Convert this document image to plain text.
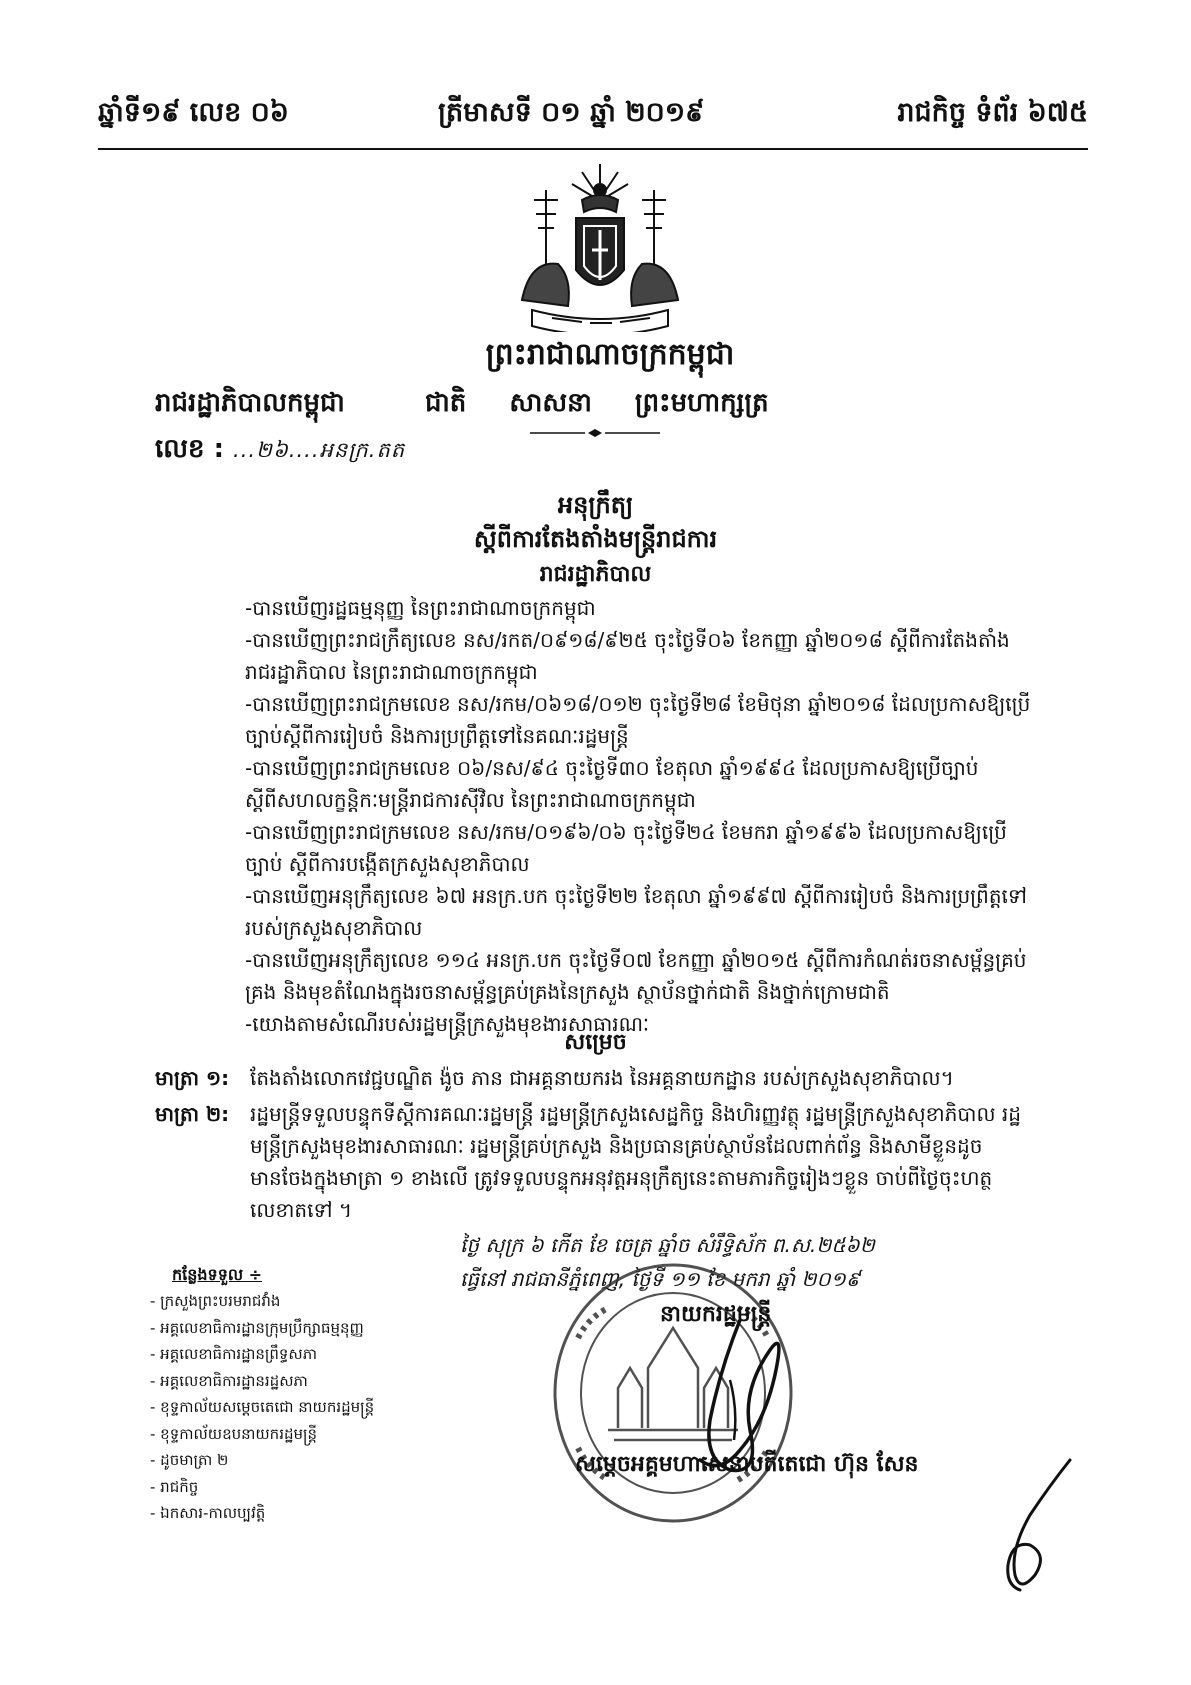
ឆ្នាំទី១៩ លេខ ០៦	ត្រីមាសទី ០១ ឆ្នាំ ២០១៩	រាជកិច្ច ទំព័រ ៦៧៥
ព្រះរាជាណាចក្រកម្ពុជា
រាជរដ្ឋាភិបាលកម្ពុជា	ជាតិ សាសនា ព្រះមហាក្សត្រ
លេខ : ...២៦....អនក្រ.តត
អនុក្រឹត្យ
ស្តីពីការតែងតាំងមន្ត្រីរាជការ
រាជរដ្ឋាភិបាល
-បានឃើញរដ្ឋធម្មនុញ្ញ នៃព្រះរាជាណាចក្រកម្ពុជា
-បានឃើញព្រះរាជក្រឹត្យលេខ នស/រកត/០៩១៨/៩២៥ ចុះថ្ងៃទី០៦ ខែកញ្ញា ឆ្នាំ២០១៨ ស្តីពីការតែងតាំងរាជរដ្ឋាភិបាល នៃព្រះរាជាណាចក្រកម្ពុជា
-បានឃើញព្រះរាជក្រមលេខ នស/រកម/០៦១៨/០១២ ចុះថ្ងៃទី២៨ ខែមិថុនា ឆ្នាំ២០១៨ ដែលប្រកាសឱ្យប្រើច្បាប់ស្តីពីការរៀបចំ និងការប្រព្រឹត្តទៅនៃគណៈរដ្ឋមន្ត្រី
-បានឃើញព្រះរាជក្រមលេខ ០៦/នស/៩៤ ចុះថ្ងៃទី៣០ ខែតុលា ឆ្នាំ១៩៩៤ ដែលប្រកាសឱ្យប្រើច្បាប់ស្តីពីសហលក្ខន្តិកៈមន្ត្រីរាជការស៊ីវិល នៃព្រះរាជាណាចក្រកម្ពុជា
-បានឃើញព្រះរាជក្រមលេខ នស/រកម/០១៩៦/០៦ ចុះថ្ងៃទី២៤ ខែមករា ឆ្នាំ១៩៩៦ ដែលប្រកាសឱ្យប្រើច្បាប់ ស្តីពីការបង្កើតក្រសួងសុខាភិបាល
-បានឃើញអនុក្រឹត្យលេខ ៦៧ អនក្រ.បក ចុះថ្ងៃទី២២ ខែតុលា ឆ្នាំ១៩៩៧ ស្តីពីការរៀបចំ និងការប្រព្រឹត្តទៅ របស់ក្រសួងសុខាភិបាល
-បានឃើញអនុក្រឹត្យលេខ ១១៤ អនក្រ.បក ចុះថ្ងៃទី០៧ ខែកញ្ញា ឆ្នាំ២០១៥ ស្តីពីការកំណត់រចនាសម្ព័ន្ធគ្រប់គ្រង និងមុខតំណែងក្នុងរចនាសម្ព័ន្ធគ្រប់គ្រងនៃក្រសួង ស្ថាប័នថ្នាក់ជាតិ និងថ្នាក់ក្រោមជាតិ
-យោងតាមសំណើរបស់រដ្ឋមន្ត្រីក្រសួងមុខងារសាធារណៈ
សម្រេច
មាត្រា ១:	តែងតាំងលោកវេជ្ជបណ្ឌិត ង៉ូច ភាន ជាអគ្គនាយករង នៃអគ្គនាយកដ្ឋាន របស់ក្រសួងសុខាភិបាល។
មាត្រា ២:	រដ្ឋមន្ត្រីទទួលបន្ទុកទីស្តីការគណៈរដ្ឋមន្ត្រី រដ្ឋមន្ត្រីក្រសួងសេដ្ឋកិច្ច និងហិរញ្ញវត្ថុ រដ្ឋមន្ត្រីក្រសួងសុខាភិបាល រដ្ឋមន្ត្រីក្រសួងមុខងារសាធារណៈ រដ្ឋមន្ត្រីគ្រប់ក្រសួង និងប្រធានគ្រប់ស្ថាប័នដែលពាក់ព័ន្ធ និងសាមីខ្លួនដូចមានចែងក្នុងមាត្រា ១ ខាងលើ ត្រូវទទួលបន្ទុកអនុវត្តអនុក្រឹត្យនេះតាមភារកិច្ចរៀងៗខ្លួន ចាប់ពីថ្ងៃចុះហត្ថលេខាតទៅ ។
ថ្ងៃ សុក្រ ៦ កើត ខែ ចេត្រ ឆ្នាំច សំរឹទ្ធិស័ក ព.ស.២៥៦២
ធ្វើនៅ រាជធានីភ្នំពេញ, ថ្ងៃទី ១១ ខែ មករា ឆ្នាំ ២០១៩
នាយករដ្ឋមន្ត្រី
សម្តេចអគ្គមហាសេនាបតីតេជោ ហ៊ុន សែន
កន្លែងទទួល ÷
- ក្រសួងព្រះបរមរាជវាំង
- អគ្គលេខាធិការដ្ឋានក្រុមប្រឹក្សាធម្មនុញ្ញ
- អគ្គលេខាធិការដ្ឋានព្រឹទ្ធសភា
- អគ្គលេខាធិការដ្ឋានរដ្ឋសភា
- ខុទ្ទកាល័យសម្តេចតេជោ នាយករដ្ឋមន្ត្រី
- ខុទ្ទកាល័យឧបនាយករដ្ឋមន្ត្រី
- ដូចមាត្រា ២
- រាជកិច្ច
- ឯកសារ-កាលប្បវត្តិ
